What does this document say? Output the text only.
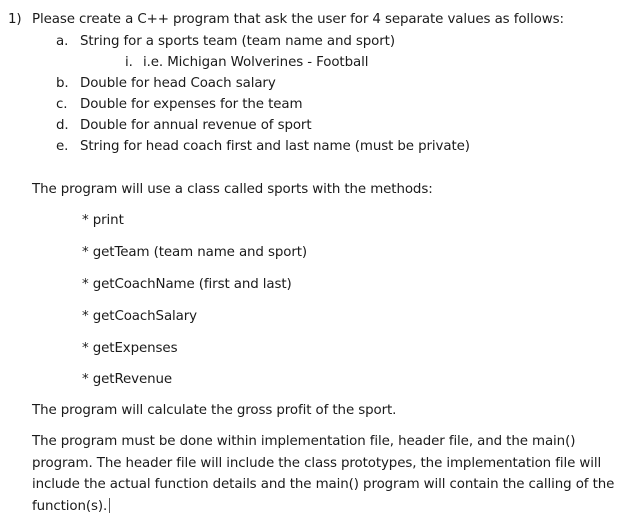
1) Please create a C++ program that ask the user for 4 separate values as follows:
a. String for a sports team (team name and sport)
i. i.e. Michigan Wolverines - Football
b. Double for head Coach salary
c. Double for expenses for the team
d. Double for annual revenue of sport
e. String for head coach first and last name (must be private)
The program will use a class called sports with the methods:
* print
* getTeam (team name and sport)
* getCoachName (first and last)
* getCoachSalary
* getExpenses
* getRevenue
The program will calculate the gross profit of the sport.
The program must be done within implementation file, header file, and the main() program. The header file will include the class prototypes, the implementation file will include the actual function details and the main() program will contain the calling of the function(s).
